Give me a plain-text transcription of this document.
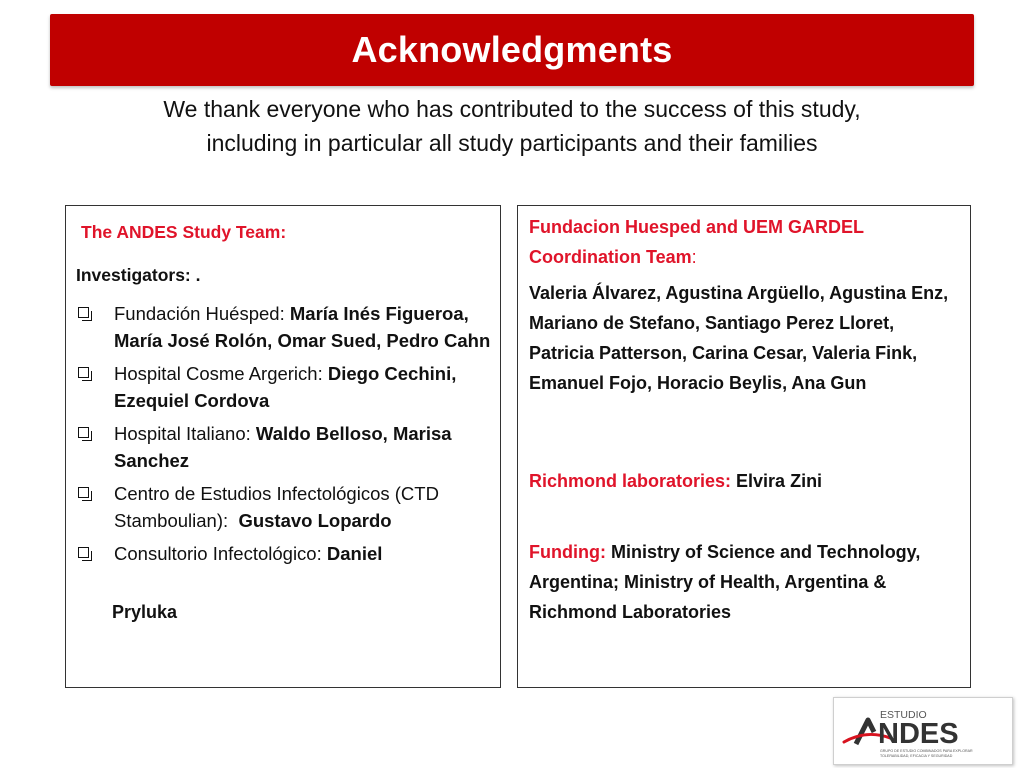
Acknowledgments
We thank everyone who has contributed to the success of this study,
including in particular all study participants and their families
The ANDES Study Team:
Investigators: .
Fundación Huésped: María Inés Figueroa, María José Rolón, Omar Sued, Pedro Cahn
Hospital Cosme Argerich: Diego Cechini, Ezequiel Cordova
Hospital Italiano: Waldo Belloso, Marisa Sanchez
Centro de Estudios Infectológicos (CTD Stamboulian):  Gustavo Lopardo
Consultorio Infectológico: Daniel
Pryluka
Fundacion Huesped and UEM GARDEL Coordination Team:
Valeria Álvarez, Agustina Argüello, Agustina Enz, Mariano de Stefano, Santiago Perez Lloret, Patricia Patterson, Carina Cesar, Valeria Fink, Emanuel Fojo, Horacio Beylis, Ana Gun
Richmond laboratories: Elvira Zini
Funding: Ministry of Science and Technology, Argentina; Ministry of Health, Argentina & Richmond Laboratories
ESTUDIO
NDES
GRUPO DE ESTUDIO COMBINADOS PARA EXPLORAR
TOLERABILIDAD, EFICACIA Y SEGURIDAD
